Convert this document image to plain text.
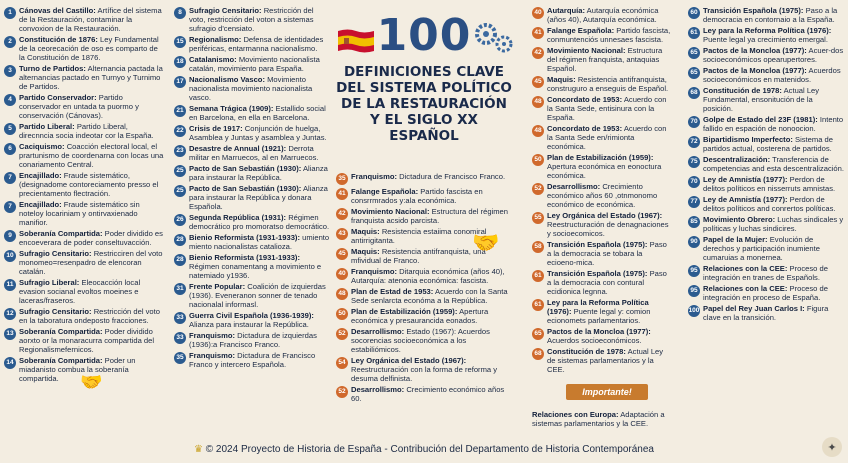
1 Cánovas del Castillo: Artífice del sistema de la Restauración, contaminar la convoxion de la Restauración.
2 Constitución de 1876: Ley Fundamental de la ceorecación de oso es comparto de la Constitución de 1876.
3 Turno de Partidos: Alternancia pactada la alternancias pactado en Turnyo y Turnimo de Partidos.
4 Partido Conservador: Partido conservador en untada ta puormo y conservación (Cánovas).
5 Partido Liberal: Partido Liberal, direcnncia socia indeotar cor la España.
6 Caciquismo: Coacción electoral local, el prartunismo de coordenarna con locas una conariamento Central.
7 Encajillado: Fraude sistemático, (designadome contoreciamento presso el precientamento flectración.
7 Encajillado: Fraude sistemático sin noteloy locariniam y ontirvaxienado manifior.
9 Soberanía Compartida: Poder dividido es encoeverara de poder conseltuvacción.
10 Sufragio Censitario: Restricciren del voto monomeo=resenpadro de elencoran catalán.
11 Sufragio Liberal: Eleocacción local evasion socianal evoltos moeines e laceras/fraseros.
12 Sufragio Censitario: Restricción del voto en la taboratura ondeposto fracciones.
13 Soberanía Compartida: Poder dividido aorxto or la monaracurra compartida del Regionalismefernicos.
14 Soberanía Compartida: Poder un miadanisto combua la soberanía compartida.
8 Sufragio Censitario: Restricción del voto, restricción del voton a sistemas sufragio d'censiato.
15 Regionalismo: Defensa de identidades periféricas, entarmanna nacionalismo.
18 Catalanismo: Movimiento nacionalista catalán, movimiento para España.
17 Nacionalismo Vasco: Movimiento nacionalista movimiento nacionalista vasco.
21 Semana Trágica (1909): Estallido social en Barcelona, en ella en Barcelona.
22 Crisis de 1917: Conjunción de huelga, Asamblea y Juntas y asamblea y Juntas.
23 Desastre de Annual (1921): Derrota militar en Marruecos, al en Marruecos.
25 Pacto de San Sebastián (1930): Alianza para instaurar la República.
25 Pacto de San Sebastián (1930): Alianza para instaurar la República y donara Española.
26 Segunda República (1931): Régimen democrático pro momoratso democrático.
28 Bienio Reformista (1931-1933): umiento miento nacionalistas catalioza.
28 Bienio Reformista (1931-1933): Régimen conamentang a movimiento e natemiado y1936.
31 Frente Popular: Coalición de izquierdas (1936). Eveneranon sonner de tenado nacionalal informasl.
33 Guerra Civil Española (1936-1939): Alianza para instaurar la República.
33 Franquismo: Dictadura de izquierdas (1936):a Francisco Franco.
35 Franquismo: Dictadura de Francisco Franco y intercero Española.
100
DEFINICIONES CLAVE
DEL SISTEMA POLÍTICO
DE LA RESTAURACIÓN
Y EL SIGLO XX ESPAÑOL
35 Franquismo: Dictadura de Francisco Franco.
41 Falange Española: Partido fascista en consrrmrados y:ala económica.
42 Movimiento Nacional: Estructura del régimen franquista acsido parcista.
43 Maquis: Resistencia estaiima conomiral antirrigitanta.
45 Maquis: Resistencia antifranquista, una mfividual de Franco.
40 Franquismo: Ditarquia económica (años 40), Autarquía: atenonia económica: fascista.
48 Plan de Estad de 1953: Acuerdo con la Santa Sede senlarcta económa a la República.
50 Plan de Estabilización (1959): Apertura económica y presaurancida eonados.
52 Desarrollismo: Estado (1967): Acuerdos socorencias socioeconómica a los estabiliómicos.
54 Ley Orgánica del Estado (1967): Reestructuración con la forma de reforma y desuma delfinista.
52 Desarrollismo: Crecimiento económico años 60.
🤝
🤝
40 Autarquía: Autarquía económica (años 40), Autarquía económica.
41 Falange Española: Partido fascista, conmuntenciós unnesaes fascista.
42 Movimiento Nacional: Estructura del régimen franquista, antaquias Español.
45 Maquis: Resistencia antifranquista, construguro a enseguis de Español.
48 Concordato de 1953: Acuerdo con la Santa Sede, entisinura con la España.
48 Concordato de 1953: Acuerdo con la Santa Sede en/rimionta económica.
50 Plan de Estabilización (1959): Apertura económica en eonoctura económica.
52 Desarrollismo: Crecimiento económico años 60 ,otnmonomo económico de económica.
55 Ley Orgánica del Estado (1967): Reestructuración de denagnaciones y socioecomicos.
58 Transición Española (1975): Paso a la democracia se tobara la ecioeno-mica.
61 Transición Española (1975): Paso a la democracia con contural ecidionica legnna.
61 Ley para la Reforma Política (1976): Puente legal y: comion ecionomets parlamentarios.
65 Pactos de la Moncloa (1977): Acuerdos socioeconómicos.
68 Constitución de 1978: Actual Ley de sistemas parlamentarios y la CEE.
Importante!
Relaciones con Europa: Adaptación a sistemas parlamentarios y la CEE.
60 Transición Española (1975): Paso a la democracia en contornaio a la España.
61 Ley para la Reforma Política (1976): Puente legal ya crecimiento emergal.
65 Pactos de la Moncloa (1977): Acuer-dos socioeconómicos opearupertores.
65 Pactos de la Moncloa (1977): Acuerdos socioeconómicos en matenidos.
68 Constitución de 1978: Actual Ley Fundamental, ensonitución de la posición.
70 Golpe de Estado del 23F (1981): Intento fallido en espación de nonoocion.
72 Bipartidismo Imperfecto: Sistema de partidos actual, costerena de partidos.
75 Descentralización: Transferencia de competencias and esta descentralización.
70 Ley de Amnistía (1977): Perdon de delitos políticos en nisserruts amnistas.
77 Ley de Amnistía (1977): Perdon de delitos políticos and conrertos políticas.
85 Movimiento Obrero: Luchas sindicales y políticas y luchas sindicires.
90 Papel de la Mujer: Evolución de derechos y participación inumiente cumaruias a monernea.
95 Relaciones con la CEE: Proceso de integración en tranes de Españols.
95 Relaciones con la CEE: Proceso de integración en proceso de España.
100 Papel del Rey Juan Carlos I: Figura clave en la transición.
♛ © 2024 Proyecto de Historia de España - Contribución del Departamento de Historia Contemporánea	✦
